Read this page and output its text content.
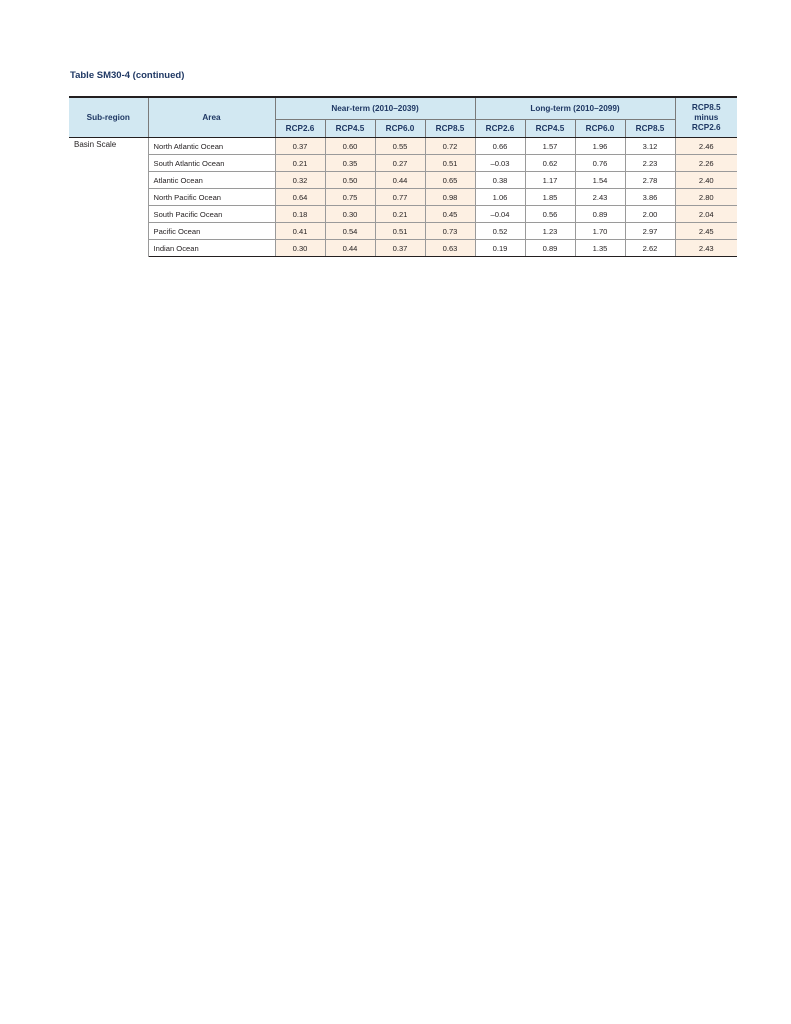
Table SM30-4 (continued)
Sub-region	Area	Near-term (2010–2039)				Long-term (2010–2099)				RCP8.5
minus
RCP2.6

		RCP2.6	RCP4.5	RCP6.0	RCP8.5	RCP2.6	RCP4.5	RCP6.0	RCP8.5	
Basin Scale	North Atlantic Ocean	0.37	0.60	0.55	0.72	0.66	1.57	1.96	3.12	2.46
	South Atlantic Ocean	0.21	0.35	0.27	0.51	–0.03	0.62	0.76	2.23	2.26
	Atlantic Ocean	0.32	0.50	0.44	0.65	0.38	1.17	1.54	2.78	2.40
	North Pacific Ocean	0.64	0.75	0.77	0.98	1.06	1.85	2.43	3.86	2.80
	South Pacific Ocean	0.18	0.30	0.21	0.45	–0.04	0.56	0.89	2.00	2.04
	Pacific Ocean	0.41	0.54	0.51	0.73	0.52	1.23	1.70	2.97	2.45
	Indian Ocean	0.30	0.44	0.37	0.63	0.19	0.89	1.35	2.62	2.43
